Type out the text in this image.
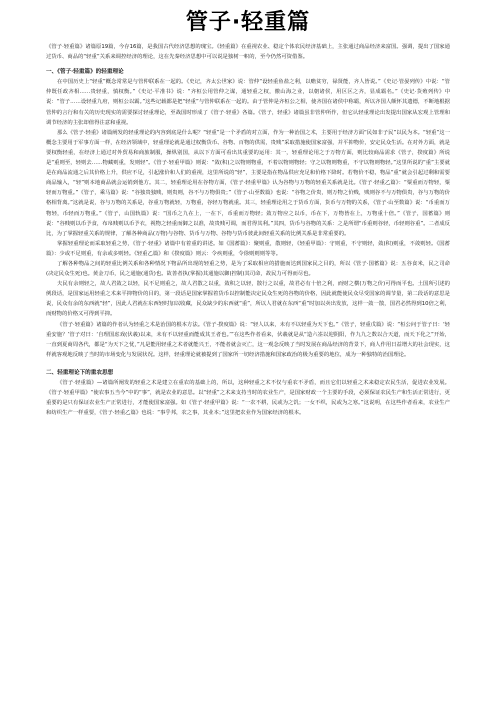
管子·轻重篇

《管子·轻重篇》诸篇原19篇，今存16篇，是我国古代经济思想的瑰宝。《轻重篇》在重视农业、稳定个体农民经济基础上，主张通过商品经济来富国。强调，提出了国家通过货币、商品的“轻重”关系来调控经济的理论，这在先秦经济思想中可以说是独树一帜的，至今仍然可资借鉴。

一、《管子·轻重篇》的轻重理论

在中国历史上“轻重”概念常常是与管仲联系在一起的。《史记，齐太公世家》说：管仲“设轻重鱼盐之利，以赡贫穷，禄贤能，齐人皆说。”《史记·管晏列传》中说：“管仲既任政齐相……贵轻重，慎权衡。”《史记·平准书》说：“齐桓公用管仲之谋，通轻重之权，徼山海之业，以朝诸侯，用区区之齐，显成霸名。”《史记·货殖列传》中说：“管子……设轻重九府，则桓公以霸。”这些记载都是把“轻重”与管仲联系在一起的。由于管仲是齐桓公之相，使齐国在诸侯中称霸，所以齐国人颇怀其遗德，不断地根据管仲的言行和有关的历史现实的需要探讨轻重理论，至战国时形成了《管子·轻重》各篇。《管子，轻重》诸篇虽非管仲所作，但它认轻重理论出发提出国家从宏观上管理和调节经济的主张却值得注意和重视。

那么《管子·轻重》诸篇阐发的轻重理论的内容到底是什么呢？“轻重”是一个矛盾的对立面，作为一种治国之术，主要用于经济方面“民如非子民”以民为本。“轻重”这一概念主要用于军事方面一样，在经济领域中，轻重理论就是通过权衡货币、谷物、百物的供需，贵贱”采取措施使国家富强，并平抑物价，安定民众生活。在对外方面，就是要权衡轻重，在经济上通过对外贸易和商旅制服，操纵别国，从以下方面可看出其重要的运用：其一，轻重理论用之于万物方面，则比较商品需求《管子，揆度篇》所说是“重则至，轻则去……物藏则重，发则轻”。《管子·轻重甲篇》则说：“敛(积)之以物则物重，不着以物则物轻；守之以物则物重，不守以物则物轻。”这里所说的“重”主要就是在商品流通之后其价格上升，供应不足，引起涨价和人们的重视，这里所说的“轻”，主要是指在物品供应充足和价格下降时。若物价不稳，物品“重”就会引起过剩和需要商品输入，“轻”则本地商品就会运销到他方。其二，轻重理论用在谷物方面，《管子·轻重甲篇》认为谷物与万物的轻重关系就是比。《管子·轻重乙篇》：“粟重而万物轻，粟轻而万物重。”《管子，乘马篇》说：“谷独贵独贱，则贵则，谷不与万物俱贵；”《管子·山至数篇》也说：“谷物之价贵，则万物之价贱，贱则谷不与万物俱贵，谷与万物的价格相背离。”这就是说，谷与万物的关系是，谷重万物就轻，万物重，谷轻万物就重。其三，轻重理论用之于货币方面，货币与万物的关系，《管子·山至数篇》说：“币重而万物轻，币轻而万物重。”《管子，山国轨篇》说：“国币之九在上，一在下，币重而万物轻；敛万物应之以币，币在下，万物皆在上，万物重十倍。”《管子，国蓄篇》则说：“谷贱则以币予食，布帛贱则以币予衣，视物之轻重而御之以准，故贵贱可调，而君得其利。”其四，货币与谷物的关系：之是所谓“币重则谷轻，币轻则谷重”。二者成反比，为了掌握轻重关系的规律，了解各种商品(万物)与谷物、货币与万物、谷物与货币彼此间轻重关系的比例关系是非常重要的。

掌握轻重理论而采取轻重之势，《管子·轻重》诸篇中有着重的讲述。如《国蓄篇》：聚则重，散则轻，《轻重甲篇》：守则重，不守则轻，敛(积)则重，不敛则轻。《国蓄篇》：少或不足则重，有余或多则轻。《轻重乙篇》和《揆度篇》则云：令疾则重，令徐则则则等等。

了解各种物品之间的轻重比例关系和各种情况下物品所出现的轻重之势，是为了采取相应的措施而达到国家民之目的，所以《管子·国蓄篇》说：五谷食米，民之司命(决定民众生死)也。黄金刀币，民之通施(通货)也。故善者执(掌握)其通施以御(控制)其司命，故民力可得而尽也。

夫民有余则轻之，故人君敛之以轻，民不足则重之，故人君散之以重，敛积之以轻，散行之以重，故君必有十倍之利，而财之横(万物之价)可得而平也。土国所引述的例段话，是国家运用轻重之术来平抑物价的目的，第一段话是国家掌握着货币以控制能决定民众生死的谷物的价格，因此就能使民众尽受国家的调节量，第二段话的意思是说，民众有余的东西就“轻”，因此人君就在东西轻时加以收藏，民众缺少的东西就“重”，所以人君就在东西“重”时加以卖出发放，这样一敛一散，国君必然得到10倍之利，而财物的价格又可得到平抑。

《管子·轻重篇》诸篇的作者认为轻重之术是治国的根本方法。《管子·揆度篇》说：“轻人以来，未有不以轻重为天下也。”《管子，轻重戊篇》说：“桓公问于管子曰：‘轻重安施？’管子对曰：‘自理国虑戏(伏羲)以来，未有不以轻重而能成其王者也。’”在这些作者看来，伏羲就是从“造六峜以迎阴阳，作九九之数以合天道，而天下化之”开始，一直到夏商周各代，都是“为天下之忧，”凡是能用轻重之术者就能兴王，不能者就会灭亡，这一观念反映了当时发展在商品经济的背景下，商人作用日益增大的社会现实，这样就客观地反映了当时的市场变化与发展状况。这样，轻重理论就被提到了国家所一切经济措施和国家政治的极为重要的地位，成为一种独特的治国理论。

二、轻重理论下的重农思想

《管子·轻重篇》—诸篇所阐发的轻重之术是建立在重农的基础上的，所以，这种轻重之术不仅与重农不矛盾，而且它们以轻重之术来稳定农民生活，促进农业发展。《管子·轻重甲篇》“使农事五当今”中的“事”，就是农业的意思。以“轻重”之术来支持当时的农业生产，是国家财政一个主要的手段，必须保证农民生产和生活正常进行，更重要的是只有保证农业生产正常进行，才能使国家富强。如《管子·轻重甲篇》说：“一农不耕，民或为之饥；一女不织，民或为之寒。”这说明，在这些作者看来，农业生产和纺织生产一样重要，《管子·轻重乙篇》也说：“事乎邦，农之事，其业本；”这里把农业作为国家经济的根本。
